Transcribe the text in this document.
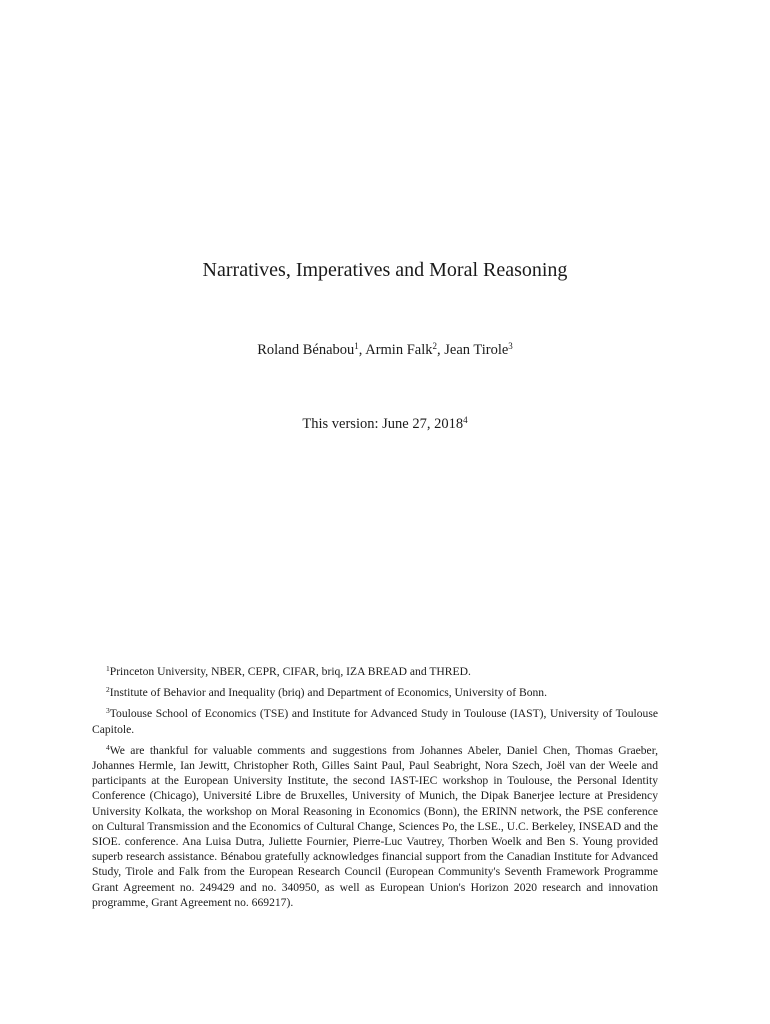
Narratives, Imperatives and Moral Reasoning
Roland Bénabou$^1$, Armin Falk$^2$, Jean Tirole$^3$
This version: June 27, 2018$^4$

$^1$Princeton University, NBER, CEPR, CIFAR, briq, IZA BREAD and THRED.

$^2$Institute of Behavior and Inequality (briq) and Department of Economics, University of Bonn.

$^3$Toulouse School of Economics (TSE) and Institute for Advanced Study in Toulouse (IAST), University of Toulouse Capitole.

$^4$We are thankful for valuable comments and suggestions from Johannes Abeler, Daniel Chen, Thomas Graeber, Johannes Hermle, Ian Jewitt, Christopher Roth, Gilles Saint Paul, Paul Seabright, Nora Szech, Joël van der Weele and participants at the European University Institute, the second IAST-IEC workshop in Toulouse, the Personal Identity Conference (Chicago), Université Libre de Bruxelles, University of Munich, the Dipak Banerjee lecture at Presidency University Kolkata, the workshop on Moral Reasoning in Economics (Bonn), the ERINN network, the PSE conference on Cultural Transmission and the Economics of Cultural Change, Sciences Po, the LSE., U.C. Berkeley, INSEAD and the SIOE. conference. Ana Luisa Dutra, Juliette Fournier, Pierre-Luc Vautrey, Thorben Woelk and Ben S. Young provided superb research assistance. Bénabou gratefully acknowledges financial support from the Canadian Institute for Advanced Study, Tirole and Falk from the European Research Council (European Community's Seventh Framework Programme Grant Agreement no. 249429 and no. 340950, as well as European Union's Horizon 2020 research and innovation programme, Grant Agreement no. 669217).
